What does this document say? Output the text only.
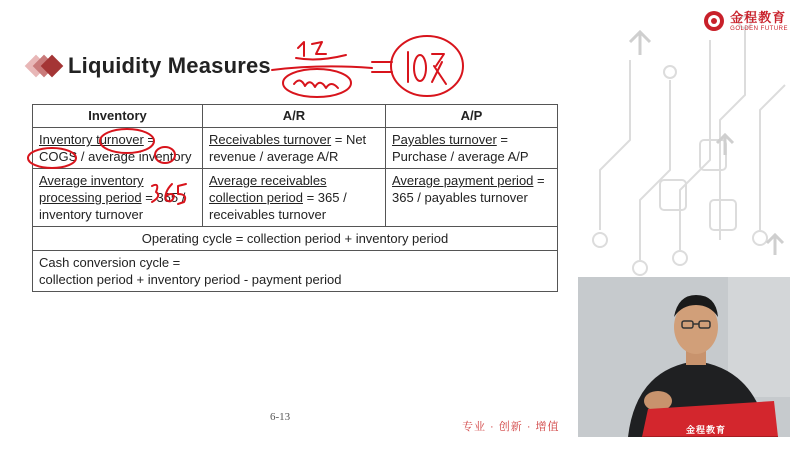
金程教育
GOLDEN FUTURE
Liquidity Measures
Inventory	A/R	A/P
Inventory turnover = COGS / average inventory	Receivables turnover = Net revenue / average A/R	Payables turnover = Purchase / average A/P
Average inventory processing period = 365 / inventory turnover	Average receivables collection period = 365 / receivables turnover	Average payment period = 365 / payables turnover
Operating cycle = collection period + inventory period		

Cash conversion cycle =
collection period + inventory period - payment period		
6-13
专业 · 创新 · 增值	金程教育
